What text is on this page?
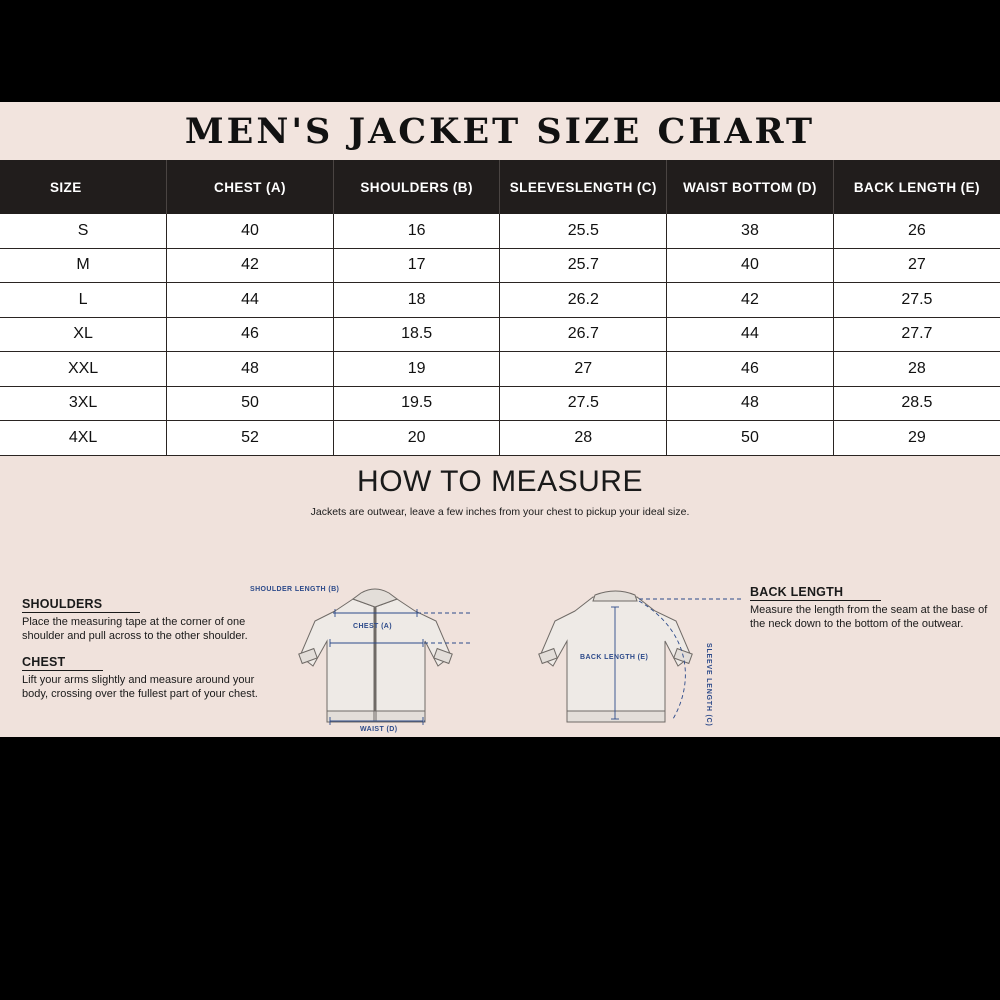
MEN'S JACKET SIZE CHART
SIZE	CHEST (A)	SHOULDERS (B)	SLEEVESLENGTH (C)	WAIST BOTTOM (D)	BACK LENGTH (E)
S	40	16	25.5	38	26
M	42	17	25.7	40	27
L	44	18	26.2	42	27.5
XL	46	18.5	26.7	44	27.7
XXL	48	19	27	46	28
3XL	50	19.5	27.5	48	28.5
4XL	52	20	28	50	29
HOW TO MEASURE
Jackets are outwear, leave a few inches from your chest to pickup your ideal size.
SHOULDERS
Place the measuring tape at the corner of one shoulder and pull across to the other shoulder.
CHEST
Lift your arms slightly and measure around your body, crossing over the fullest part of your chest.
BACK LENGTH
Measure the length from the seam at the base of the neck down to the bottom of the outwear.
SHOULDER LENGTH (B)
CHEST (A)
WAIST (D)
BACK LENGTH (E)	SLEEVE LENGTH (C)
